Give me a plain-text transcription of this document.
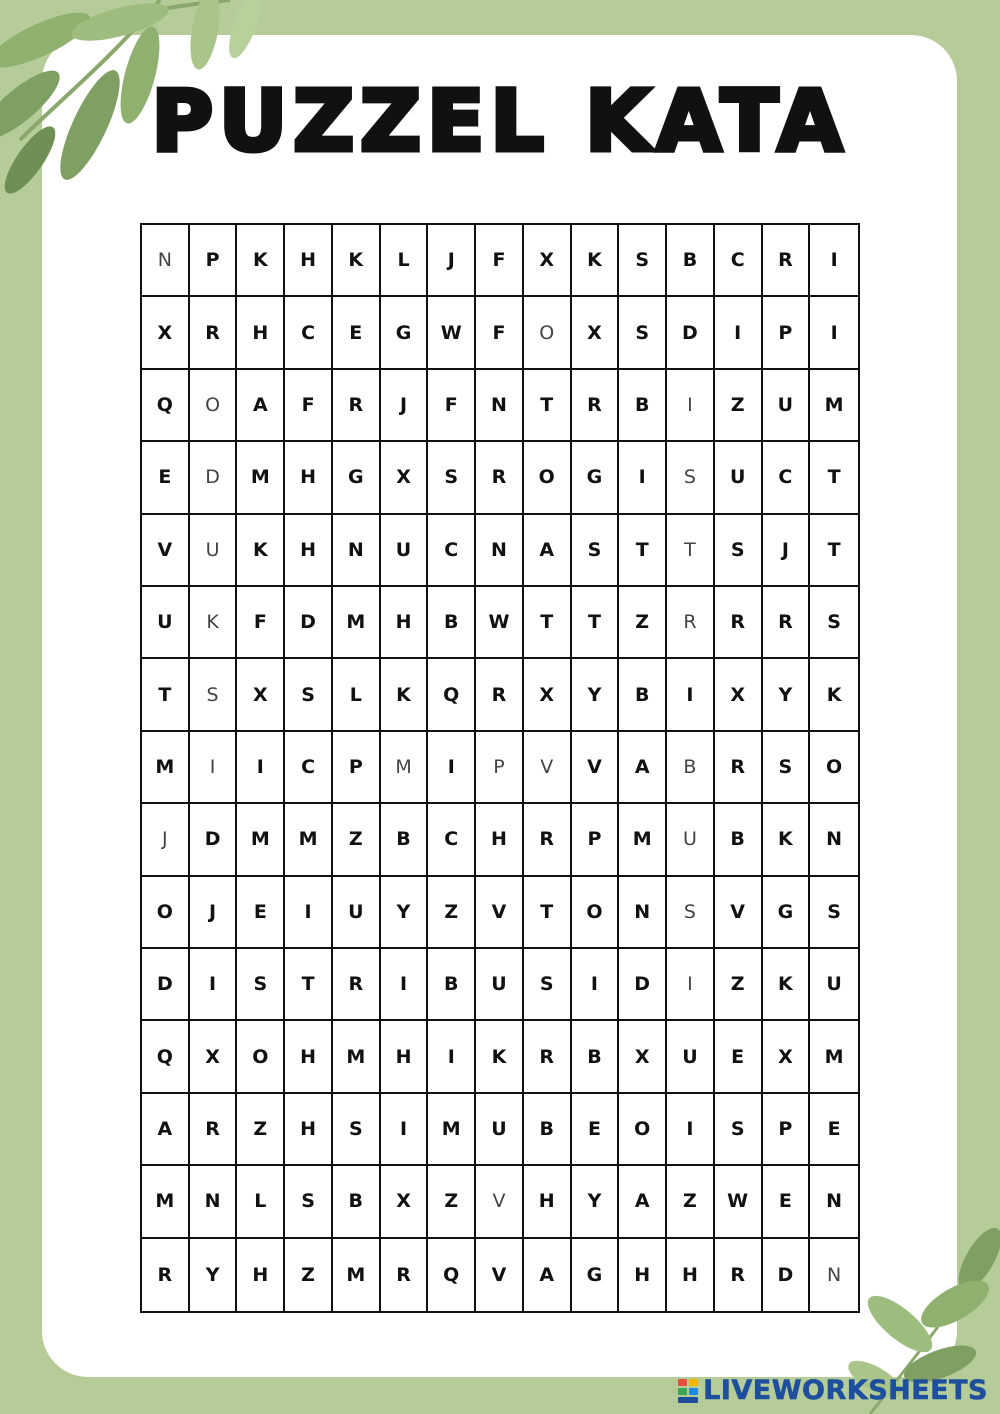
PUZZEL KATA
N	P	K	H	K	L	J	F	X	K	S	B	C	R	I
X	R	H	C	E	G	W	F	O	X	S	D	I	P	I
Q	O	A	F	R	J	F	N	T	R	B	I	Z	U	M
E	D	M	H	G	X	S	R	O	G	I	S	U	C	T
V	U	K	H	N	U	C	N	A	S	T	T	S	J	T
U	K	F	D	M	H	B	W	T	T	Z	R	R	R	S
T	S	X	S	L	K	Q	R	X	Y	B	I	X	Y	K
M	I	I	C	P	M	I	P	V	V	A	B	R	S	O
J	D	M	M	Z	B	C	H	R	P	M	U	B	K	N
O	J	E	I	U	Y	Z	V	T	O	N	S	V	G	S
D	I	S	T	R	I	B	U	S	I	D	I	Z	K	U
Q	X	O	H	M	H	I	K	R	B	X	U	E	X	M
A	R	Z	H	S	I	M	U	B	E	O	I	S	P	E
M	N	L	S	B	X	Z	V	H	Y	A	Z	W	E	N
R	Y	H	Z	M	R	Q	V	A	G	H	H	R	D	N
LIVEWORKSHEETS
